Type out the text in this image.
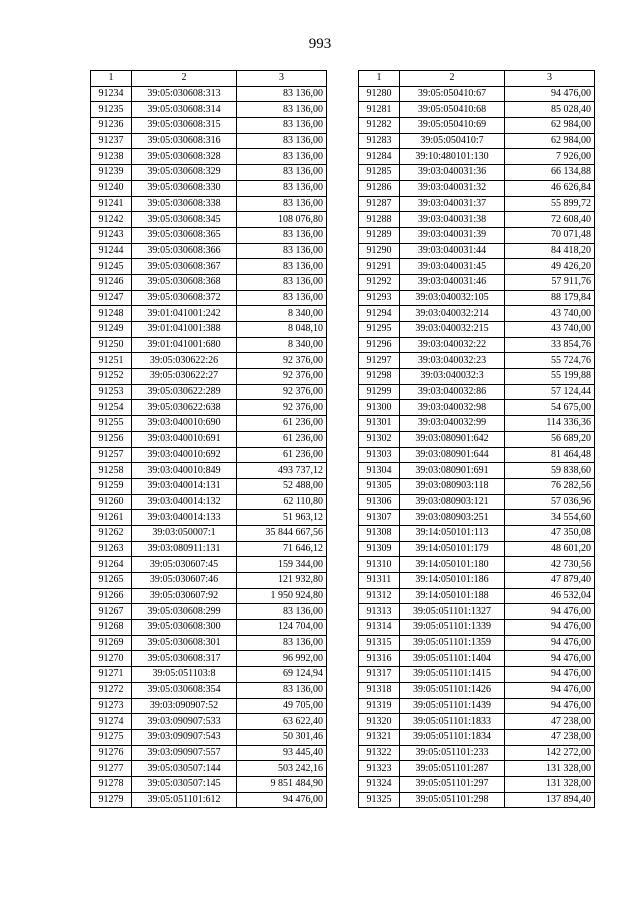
993
1	2	3
91234	39:05:030608:313	83 136,00
91235	39:05:030608:314	83 136,00
91236	39:05:030608:315	83 136,00
91237	39:05:030608:316	83 136,00
91238	39:05:030608:328	83 136,00
91239	39:05:030608:329	83 136,00
91240	39:05:030608:330	83 136,00
91241	39:05:030608:338	83 136,00
91242	39:05:030608:345	108 076,80
91243	39:05:030608:365	83 136,00
91244	39:05:030608:366	83 136,00
91245	39:05:030608:367	83 136,00
91246	39:05:030608:368	83 136,00
91247	39:05:030608:372	83 136,00
91248	39:01:041001:242	8 340,00
91249	39:01:041001:388	8 048,10
91250	39:01:041001:680	8 340,00
91251	39:05:030622:26	92 376,00
91252	39:05:030622:27	92 376,00
91253	39:05:030622:289	92 376,00
91254	39:05:030622:638	92 376,00
91255	39:03:040010:690	61 236,00
91256	39:03:040010:691	61 236,00
91257	39:03:040010:692	61 236,00
91258	39:03:040010:849	493 737,12
91259	39:03:040014:131	52 488,00
91260	39:03:040014:132	62 110,80
91261	39:03:040014:133	51 963,12
91262	39:03:050007:1	35 844 667,56
91263	39:03:080911:131	71 646,12
91264	39:05:030607:45	159 344,00
91265	39:05:030607:46	121 932,80
91266	39:05:030607:92	1 950 924,80
91267	39:05:030608:299	83 136,00
91268	39:05:030608:300	124 704,00
91269	39:05:030608:301	83 136,00
91270	39:05:030608:317	96 992,00
91271	39:05:051103:8	69 124,94
91272	39:05:030608:354	83 136,00
91273	39:03:090907:52	49 705,00
91274	39:03:090907:533	63 622,40
91275	39:03:090907:543	50 301,46
91276	39:03:090907:557	93 445,40
91277	39:05:030507:144	503 242,16
91278	39:05:030507:145	9 851 484,90
91279	39:05:051101:612	94 476,00
1	2	3
91280	39:05:050410:67	94 476,00
91281	39:05:050410:68	85 028,40
91282	39:05:050410:69	62 984,00
91283	39:05:050410:7	62 984,00
91284	39:10:480101:130	7 926,00
91285	39:03:040031:36	66 134,88
91286	39:03:040031:32	46 626,84
91287	39:03:040031:37	55 899,72
91288	39:03:040031:38	72 608,40
91289	39:03:040031:39	70 071,48
91290	39:03:040031:44	84 418,20
91291	39:03:040031:45	49 426,20
91292	39:03:040031:46	57 911,76
91293	39:03:040032:105	88 179,84
91294	39:03:040032:214	43 740,00
91295	39:03:040032:215	43 740,00
91296	39:03:040032:22	33 854,76
91297	39:03:040032:23	55 724,76
91298	39:03:040032:3	55 199,88
91299	39:03:040032:86	57 124,44
91300	39:03:040032:98	54 675,00
91301	39:03:040032:99	114 336,36
91302	39:03:080901:642	56 689,20
91303	39:03:080901:644	81 464,48
91304	39:03:080901:691	59 838,60
91305	39:03:080903:118	76 282,56
91306	39:03:080903:121	57 036,96
91307	39:03:080903:251	34 554,60
91308	39:14:050101:113	47 350,08
91309	39:14:050101:179	48 601,20
91310	39:14:050101:180	42 730,56
91311	39:14:050101:186	47 879,40
91312	39:14:050101:188	46 532,04
91313	39:05:051101:1327	94 476,00
91314	39:05:051101:1339	94 476,00
91315	39:05:051101:1359	94 476,00
91316	39:05:051101:1404	94 476,00
91317	39:05:051101:1415	94 476,00
91318	39:05:051101:1426	94 476,00
91319	39:05:051101:1439	94 476,00
91320	39:05:051101:1833	47 238,00
91321	39:05:051101:1834	47 238,00
91322	39:05:051101:233	142 272,00
91323	39:05:051101:287	131 328,00
91324	39:05:051101:297	131 328,00
91325	39:05:051101:298	137 894,40
